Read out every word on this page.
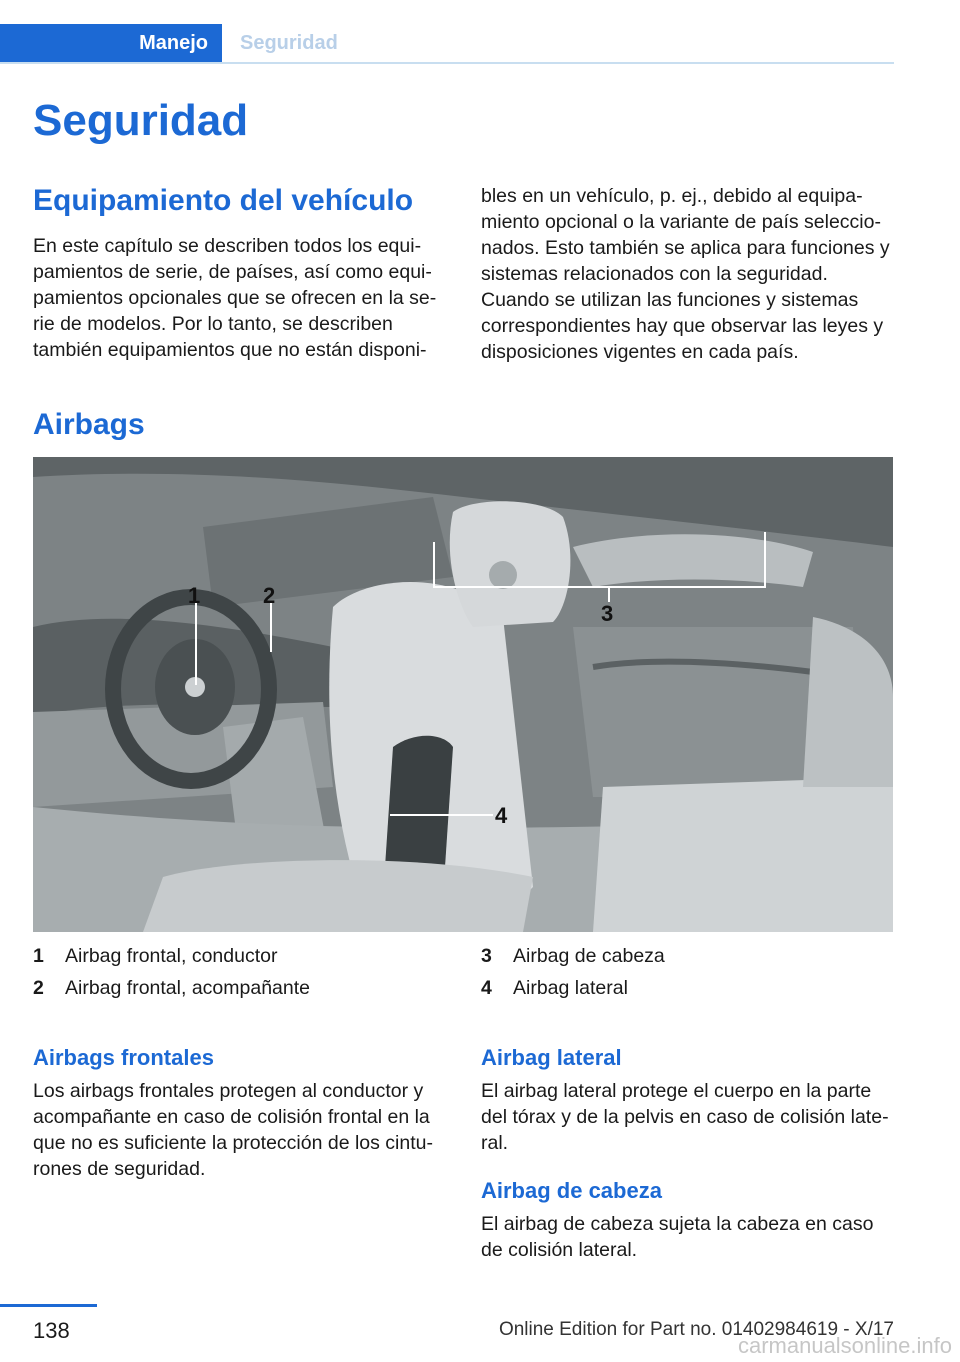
Manejo	Seguridad
Seguridad
Equipamiento del vehículo

En este capítulo se describen todos los equi-
pamientos de serie, de países, así como equi-
pamientos opcionales que se ofrecen en la se-
rie de modelos. Por lo tanto, se describen
también equipamientos que no están disponi-

bles en un vehículo, p. ej., debido al equipa-
miento opcional o la variante de país seleccio-
nados. Esto también se aplica para funciones y
sistemas relacionados con la seguridad.
Cuando se utilizan las funciones y sistemas
correspondientes hay que observar las leyes y
disposiciones vigentes en cada país.

Airbags
1	2
3
4
1 Airbag frontal, conductor
2 Airbag frontal, acompañante
3 Airbag de cabeza
4 Airbag lateral
Airbags frontales

Los airbags frontales protegen al conductor y
acompañante en caso de colisión frontal en la
que no es suficiente la protección de los cintu-
rones de seguridad.

Airbag lateral

El airbag lateral protege el cuerpo en la parte
del tórax y de la pelvis en caso de colisión late-
ral.

Airbag de cabeza

El airbag de cabeza sujeta la cabeza en caso
de colisión lateral.

138	Online Edition for Part no. 01402984619 - X/17
carmanualsonline.info
